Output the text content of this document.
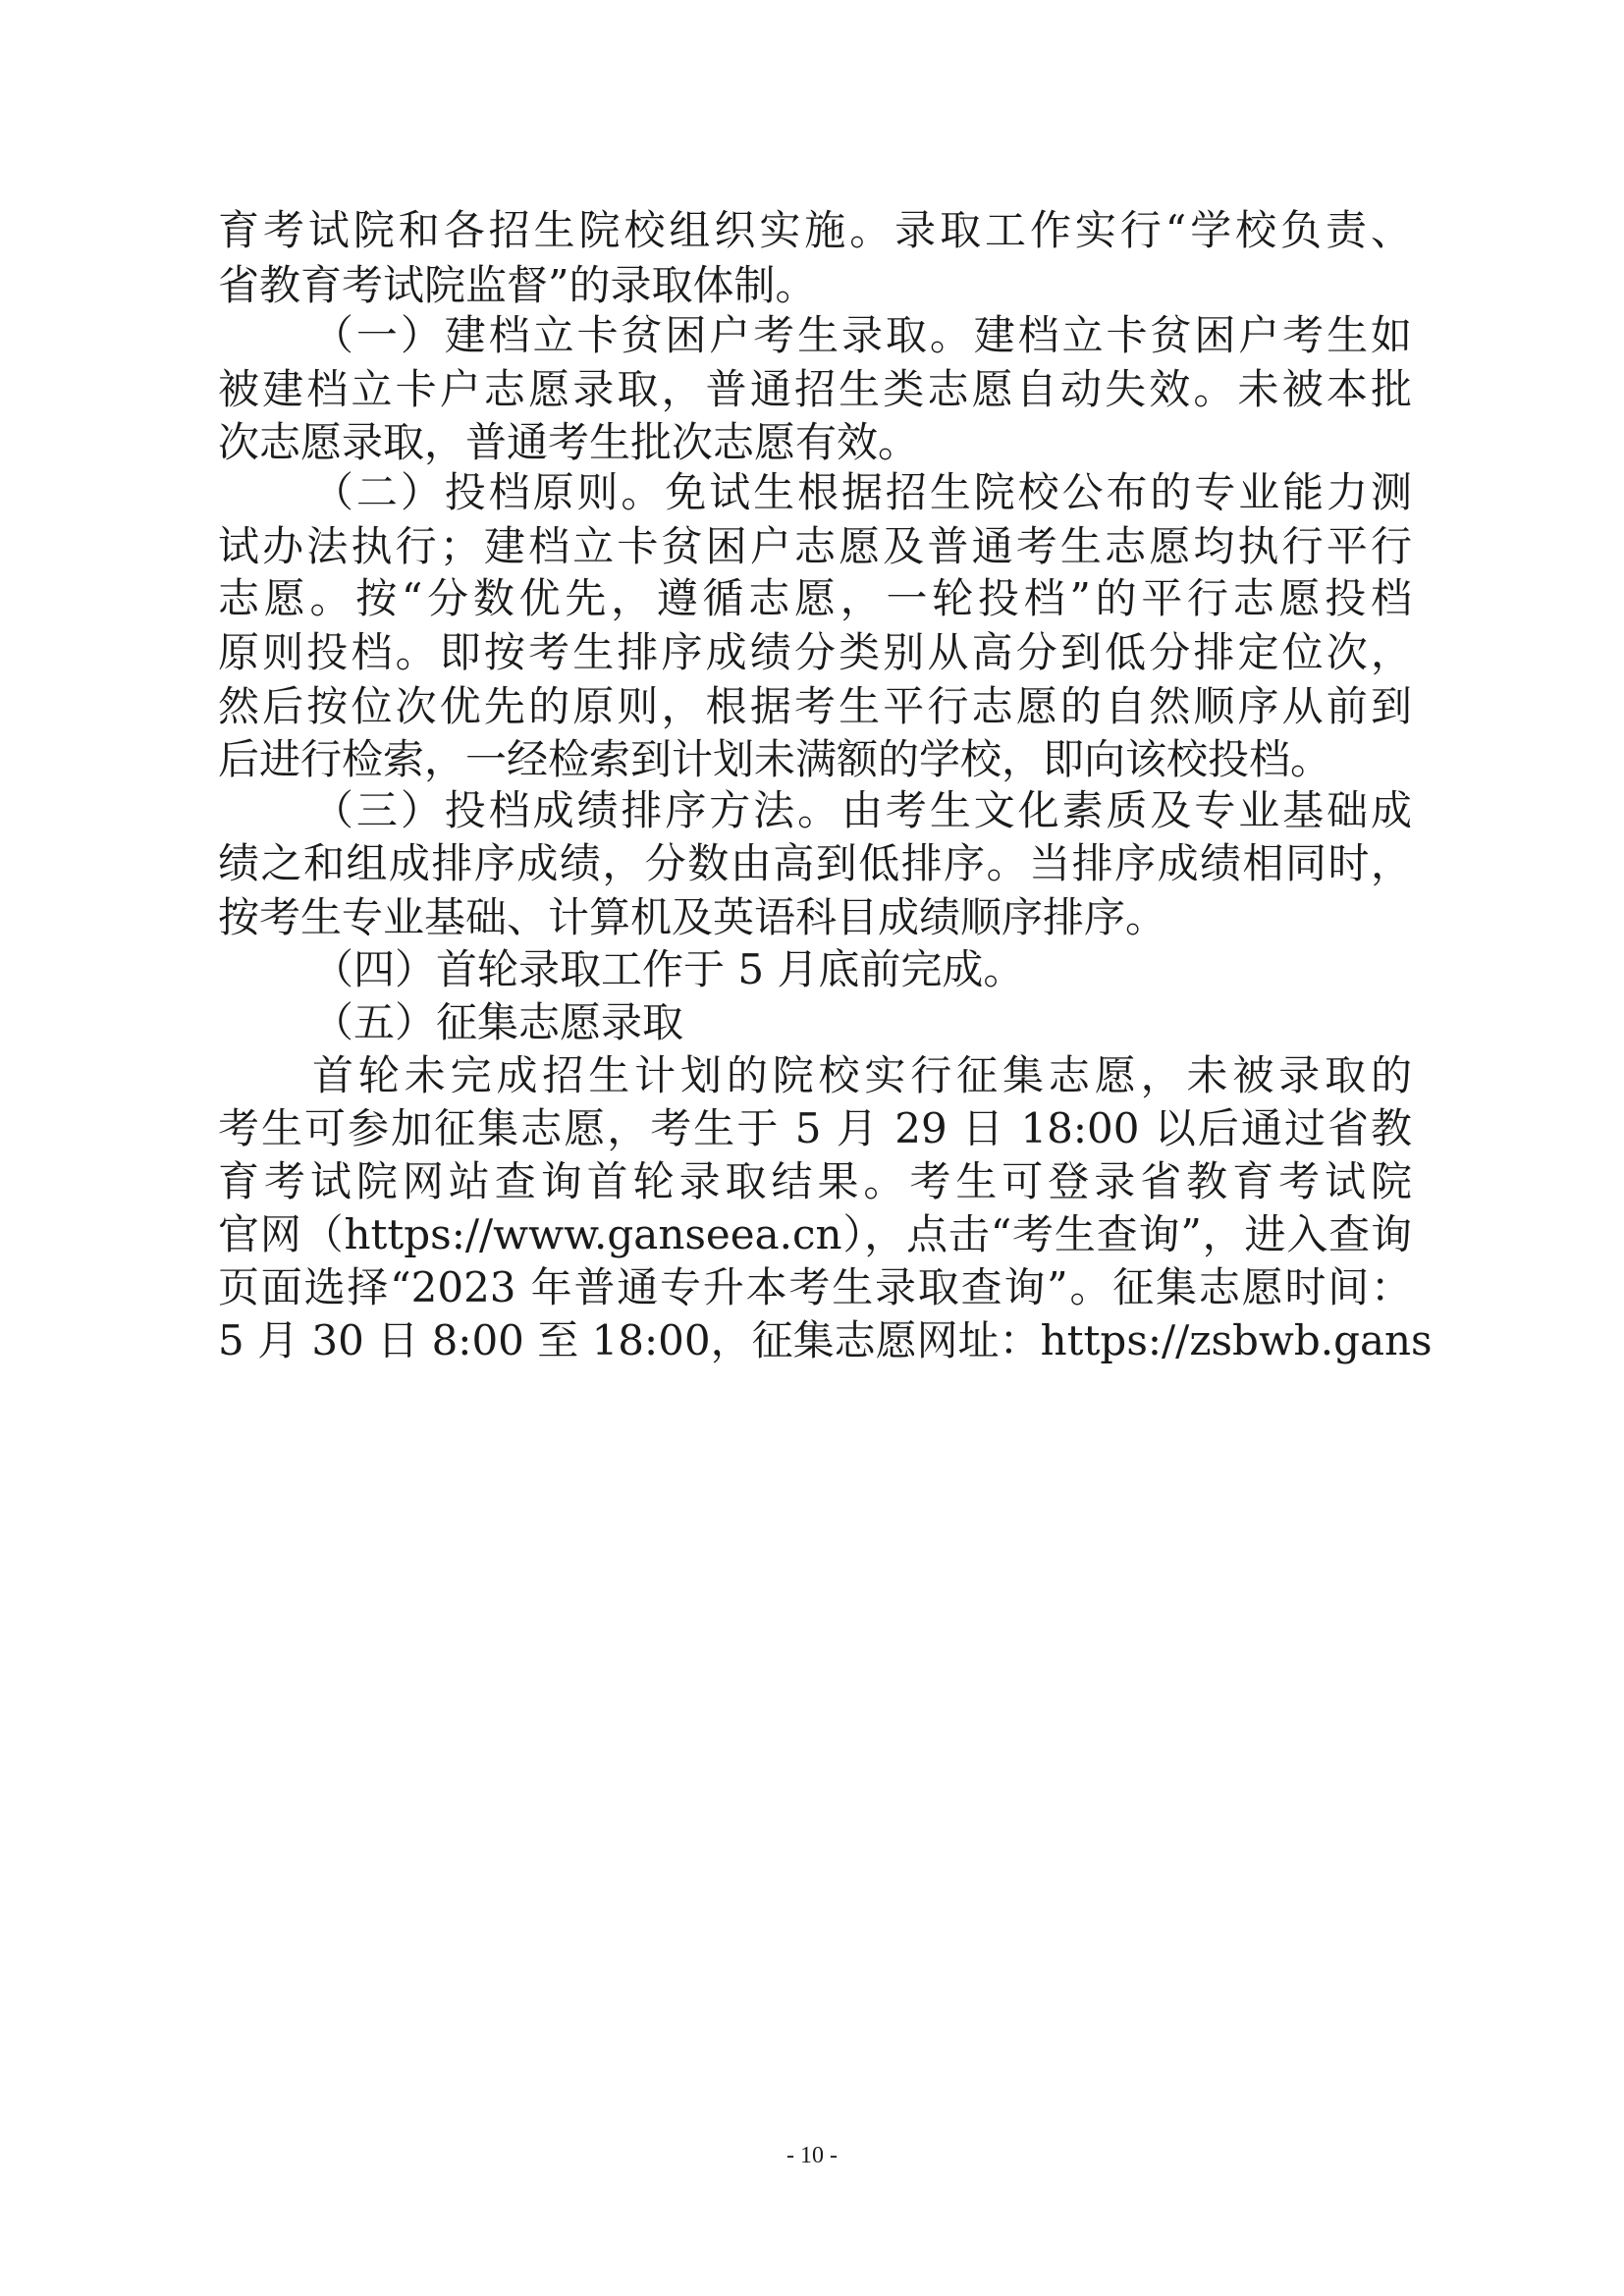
育考试院和各招生院校组织实施。录取工作实行“学校负责、
省教育考试院监督”的录取体制。
（一）建档立卡贫困户考生录取。建档立卡贫困户考生如
被建档立卡户志愿录取，普通招生类志愿自动失效。未被本批
次志愿录取，普通考生批次志愿有效。
（二）投档原则。免试生根据招生院校公布的专业能力测
试办法执行；建档立卡贫困户志愿及普通考生志愿均执行平行
志愿。按“分数优先，遵循志愿，一轮投档”的平行志愿投档
原则投档。即按考生排序成绩分类别从高分到低分排定位次，
然后按位次优先的原则，根据考生平行志愿的自然顺序从前到
后进行检索，一经检索到计划未满额的学校，即向该校投档。
（三）投档成绩排序方法。由考生文化素质及专业基础成
绩之和组成排序成绩，分数由高到低排序。当排序成绩相同时，
按考生专业基础、计算机及英语科目成绩顺序排序。
（四）首轮录取工作于 5 月底前完成。
（五）征集志愿录取
首轮未完成招生计划的院校实行征集志愿，未被录取的
考生可参加征集志愿，考生于 5 月 29 日 18:00 以后通过省教
育考试院网站查询首轮录取结果。考生可登录省教育考试院
官网（https://www.ganseea.cn），点击“考生查询”，进入查询
页面选择“2023 年普通专升本考生录取查询”。征集志愿时间：
5 月 30 日 8:00 至 18:00，征集志愿网址：https://zsbwb.gans
- 10 -
